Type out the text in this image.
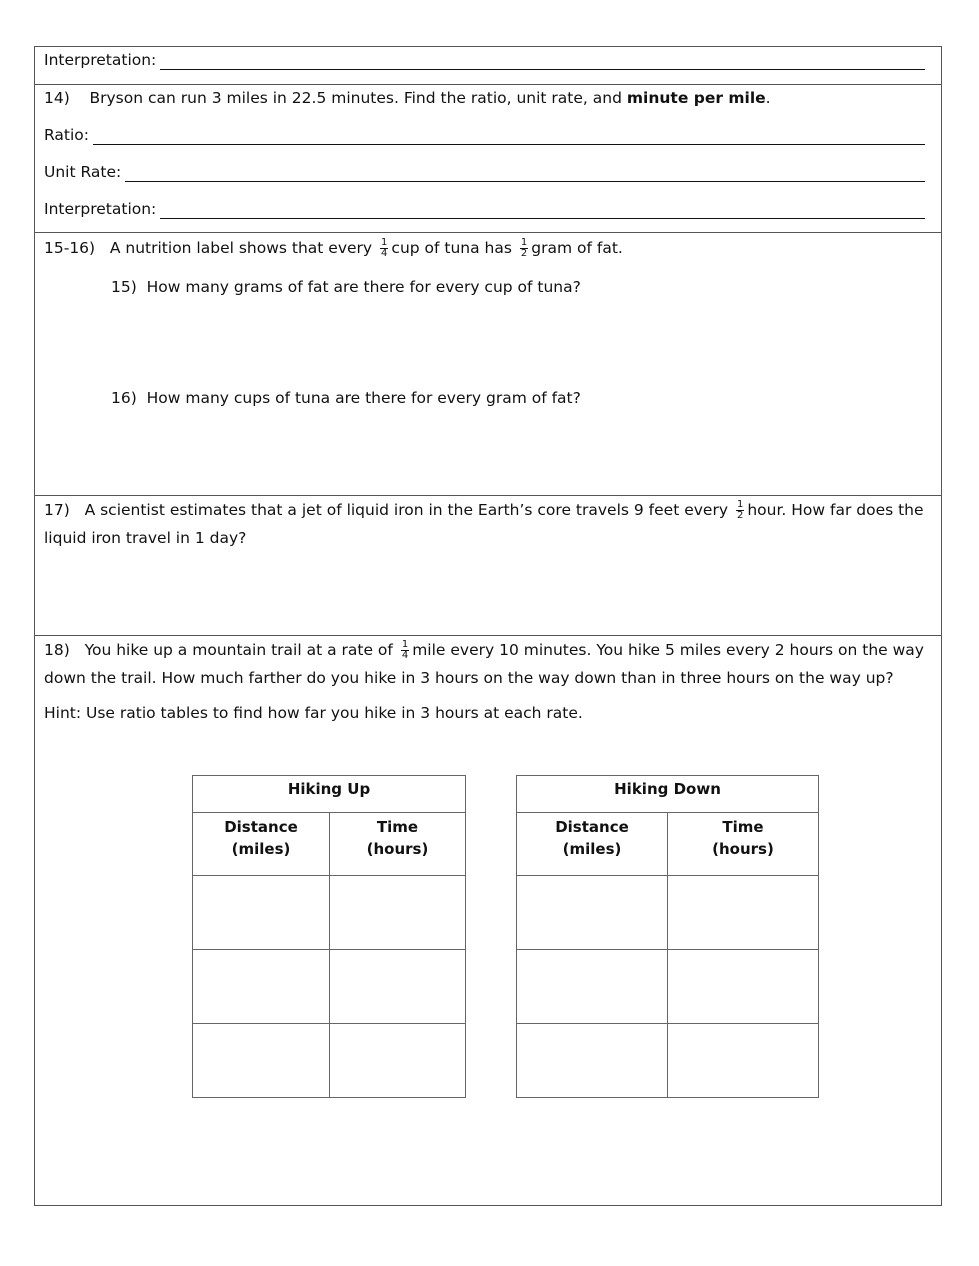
Interpretation:
14) Bryson can run 3 miles in 22.5 minutes. Find the ratio, unit rate, and minute per mile.
Ratio:
Unit Rate:
Interpretation:
15-16) A nutrition label shows that every $\frac{1}{4}$ cup of tuna has $\frac{1}{2}$ gram of fat.
15) How many grams of fat are there for every cup of tuna?
16) How many cups of tuna are there for every gram of fat?
17) A scientist estimates that a jet of liquid iron in the Earth’s core travels 9 feet every $\frac{1}{2}$ hour. How far does the liquid iron travel in 1 day?
18) You hike up a mountain trail at a rate of $\frac{1}{4}$ mile every 10 minutes. You hike 5 miles every 2 hours on the way down the trail. How much farther do you hike in 3 hours on the way down than in three hours on the way up?
Hint: Use ratio tables to find how far you hike in 3 hours at each rate.
Hiking Up	
Distance
(miles)	Time
(hours)

Hiking Down	
Distance
(miles)	Time
(hours)
